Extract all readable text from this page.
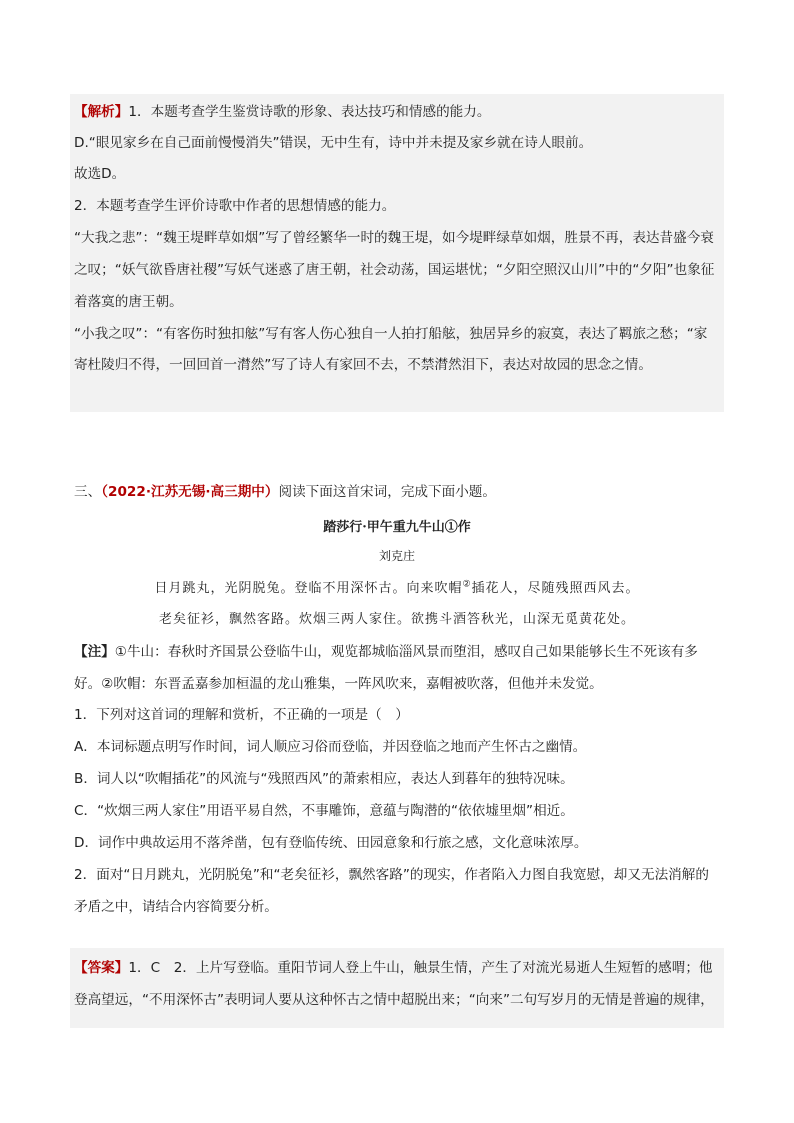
【解析】1．本题考查学生鉴赏诗歌的形象、表达技巧和情感的能力。
D.“眼见家乡在自己面前慢慢消失”错误，无中生有，诗中并未提及家乡就在诗人眼前。
故选D。
2．本题考查学生评价诗歌中作者的思想情感的能力。
“大我之悲”：“魏王堤畔草如烟”写了曾经繁华一时的魏王堤，如今堤畔绿草如烟，胜景不再，表达昔盛今衰
之叹；“妖气欲昏唐社稷”写妖气迷惑了唐王朝，社会动荡，国运堪忧；“夕阳空照汉山川”中的“夕阳”也象征
着落寞的唐王朝。
“小我之叹”：“有客伤时独扣舷”写有客人伤心独自一人拍打船舷，独居异乡的寂寞，表达了羁旅之愁；“家
寄杜陵归不得，一回回首一潸然”写了诗人有家回不去，不禁潸然泪下，表达对故园的思念之情。
三、（2022·江苏无锡·高三期中）阅读下面这首宋词，完成下面小题。
踏莎行·甲午重九牛山①作
刘克庄
日月跳丸，光阴脱兔。登临不用深怀古。向来吹帽②插花人，尽随残照西风去。
老矣征衫，飘然客路。炊烟三两人家住。欲携斗酒答秋光，山深无觅黄花处。
【注】①牛山：春秋时齐国景公登临牛山，观览都城临淄风景而堕泪，感叹自己如果能够长生不死该有多
好。②吹帽：东晋孟嘉参加桓温的龙山雅集，一阵风吹来，嘉帽被吹落，但他并未发觉。
1．下列对这首词的理解和赏析，不正确的一项是（　）
A．本词标题点明写作时间，词人顺应习俗而登临，并因登临之地而产生怀古之幽情。
B．词人以“吹帽插花”的风流与“残照西风”的萧索相应，表达人到暮年的独特况味。
C．“炊烟三两人家住”用语平易自然，不事雕饰，意蕴与陶潜的“依依墟里烟”相近。
D．词作中典故运用不落斧凿，包有登临传统、田园意象和行旅之感，文化意味浓厚。
2．面对“日月跳丸，光阴脱兔”和“老矣征衫，飘然客路”的现实，作者陷入力图自我宽慰，却又无法消解的
矛盾之中，请结合内容简要分析。
【答案】1．C　2．上片写登临。重阳节词人登上牛山，触景生情，产生了对流光易逝人生短暂的感喟；他
登高望远，“不用深怀古”表明词人要从这种怀古之情中超脱出来；“向来”二句写岁月的无情是普遍的规律，
